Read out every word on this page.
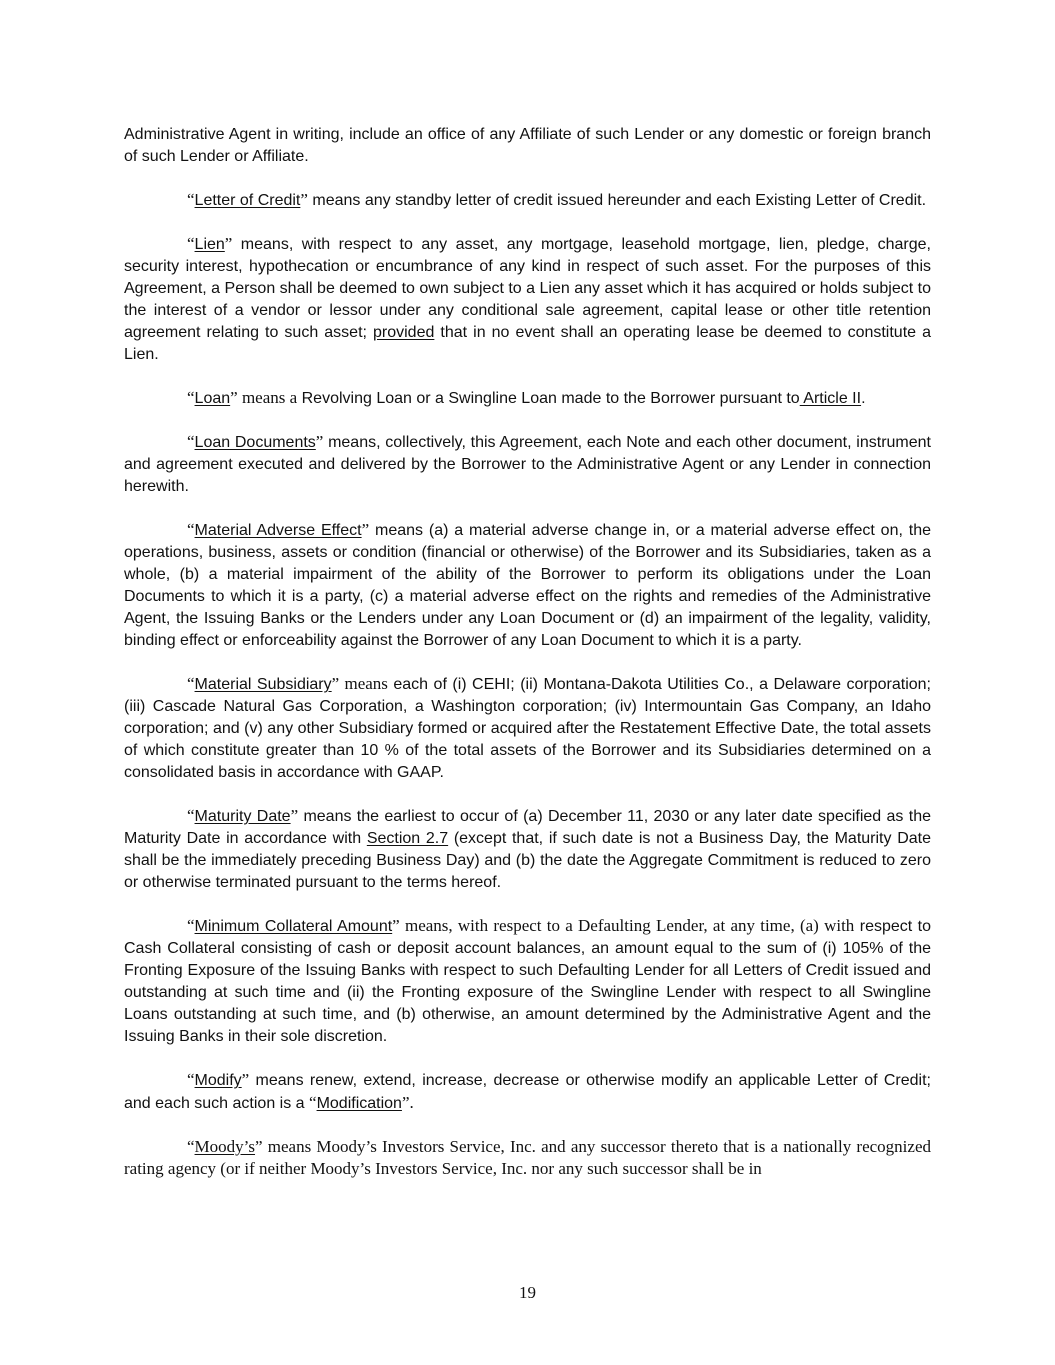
Administrative Agent in writing, include an office of any Affiliate of such Lender or any domestic or foreign branch of such Lender or Affiliate.

“Letter of Credit” means any standby letter of credit issued hereunder and each Existing Letter of Credit.

“Lien” means, with respect to any asset, any mortgage, leasehold mortgage, lien, pledge, charge, security interest, hypothecation or encumbrance of any kind in respect of such asset. For the purposes of this Agreement, a Person shall be deemed to own subject to a Lien any asset which it has acquired or holds subject to the interest of a vendor or lessor under any conditional sale agreement, capital lease or other title retention agreement relating to such asset; provided that in no event shall an operating lease be deemed to constitute a Lien.

“Loan” means a Revolving Loan or a Swingline Loan made to the Borrower pursuant to Article II.

“Loan Documents” means, collectively, this Agreement, each Note and each other document, instrument and agreement executed and delivered by the Borrower to the Administrative Agent or any Lender in connection herewith.

“Material Adverse Effect” means (a) a material adverse change in, or a material adverse effect on, the operations, business, assets or condition (financial or otherwise) of the Borrower and its Subsidiaries, taken as a whole, (b) a material impairment of the ability of the Borrower to perform its obligations under the Loan Documents to which it is a party, (c) a material adverse effect on the rights and remedies of the Administrative Agent, the Issuing Banks or the Lenders under any Loan Document or (d) an impairment of the legality, validity, binding effect or enforceability against the Borrower of any Loan Document to which it is a party.

“Material Subsidiary” means each of (i) CEHI; (ii) Montana-Dakota Utilities Co., a Delaware corporation; (iii) Cascade Natural Gas Corporation, a Washington corporation; (iv) Intermountain Gas Company, an Idaho corporation; and (v) any other Subsidiary formed or acquired after the Restatement Effective Date, the total assets of which constitute greater than 10 % of the total assets of the Borrower and its Subsidiaries determined on a consolidated basis in accordance with GAAP.

“Maturity Date” means the earliest to occur of (a) December 11, 2030 or any later date specified as the Maturity Date in accordance with Section 2.7 (except that, if such date is not a Business Day, the Maturity Date shall be the immediately preceding Business Day) and (b) the date the Aggregate Commitment is reduced to zero or otherwise terminated pursuant to the terms hereof.

“Minimum Collateral Amount” means, with respect to a Defaulting Lender, at any time, (a) with respect to Cash Collateral consisting of cash or deposit account balances, an amount equal to the sum of (i) 105% of the Fronting Exposure of the Issuing Banks with respect to such Defaulting Lender for all Letters of Credit issued and outstanding at such time and (ii) the Fronting exposure of the Swingline Lender with respect to all Swingline Loans outstanding at such time, and (b) otherwise, an amount determined by the Administrative Agent and the Issuing Banks in their sole discretion.

“Modify” means renew, extend, increase, decrease or otherwise modify an applicable Letter of Credit; and each such action is a “Modification”.

“Moody’s” means Moody’s Investors Service, Inc. and any successor thereto that is a nationally recognized rating agency (or if neither Moody’s Investors Service, Inc. nor any such successor shall be in

19
